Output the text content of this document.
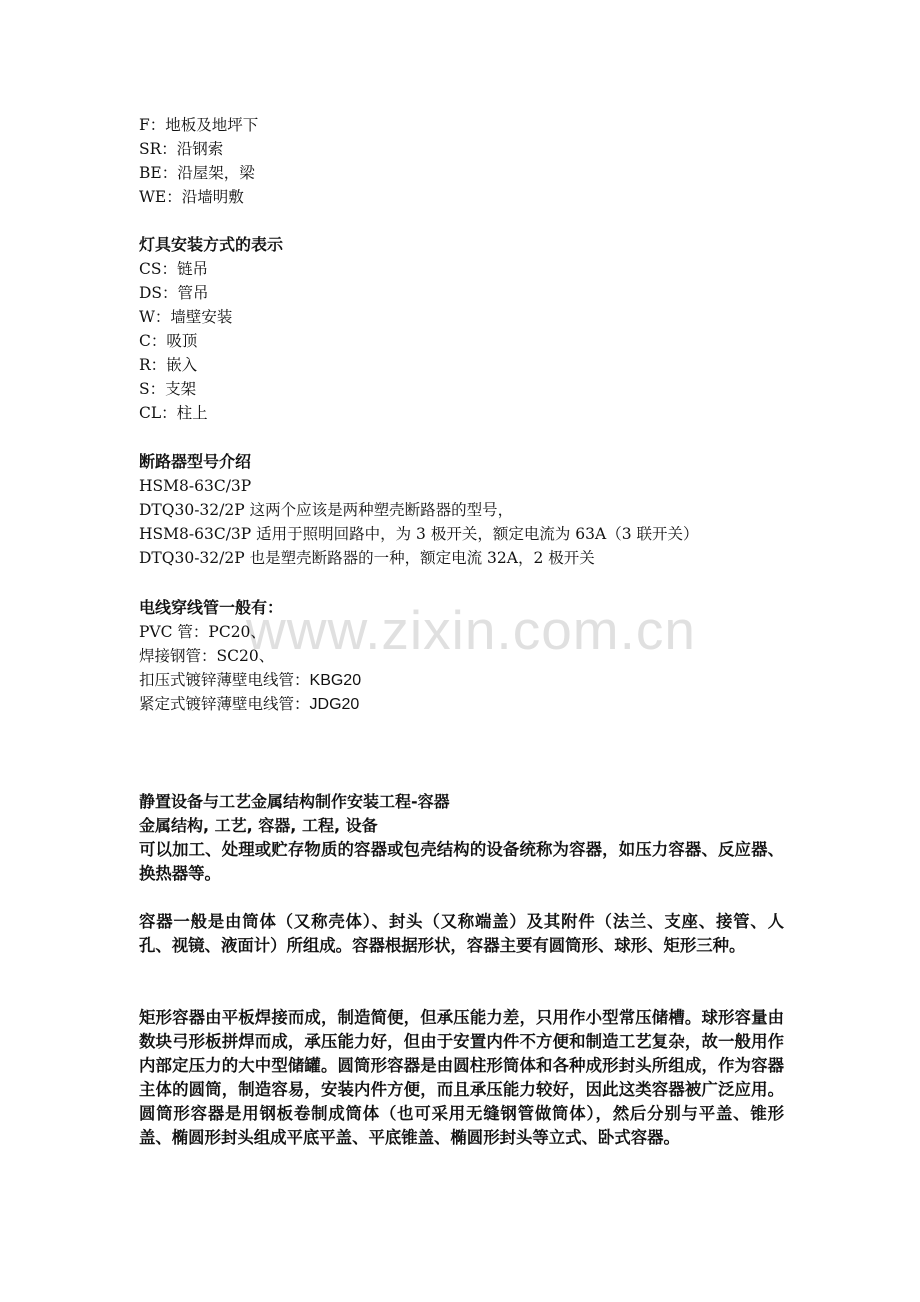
www.zixin.com.cn
F：地板及地坪下
SR：沿钢索
BE：沿屋架，梁
WE：沿墙明敷
灯具安装方式的表示
CS：链吊
DS：管吊
W：墙壁安装
C：吸顶
R：嵌入
S：支架
CL：柱上
断路器型号介绍
HSM8-63C/3P
DTQ30-32/2P 这两个应该是两种塑壳断路器的型号，
HSM8-63C/3P 适用于照明回路中，为 3 极开关，额定电流为 63A（3 联开关）
DTQ30-32/2P 也是塑壳断路器的一种，额定电流 32A，2 极开关
电线穿线管一般有：
PVC 管：PC20、
焊接钢管：SC20、
扣压式镀锌薄壁电线管：KBG20
紧定式镀锌薄壁电线管：JDG20
静置设备与工艺金属结构制作安装工程-容器
金属结构, 工艺, 容器, 工程, 设备
可以加工、处理或贮存物质的容器或包壳结构的设备统称为容器，如压力容器、反应器、换热器等。
容器一般是由筒体（又称壳体）、封头（又称端盖）及其附件（法兰、支座、接管、人孔、视镜、液面计）所组成。容器根据形状，容器主要有圆筒形、球形、矩形三种。
矩形容器由平板焊接而成，制造简便，但承压能力差，只用作小型常压储槽。球形容量由数块弓形板拼焊而成，承压能力好，但由于安置内件不方便和制造工艺复杂，故一般用作内部定压力的大中型储罐。圆筒形容器是由圆柱形筒体和各种成形封头所组成，作为容器主体的圆筒，制造容易，安装内件方便，而且承压能力较好，因此这类容器被广泛应用。圆筒形容器是用钢板卷制成筒体（也可采用无缝钢管做筒体），然后分别与平盖、锥形盖、椭圆形封头组成平底平盖、平底锥盖、椭圆形封头等立式、卧式容器。
